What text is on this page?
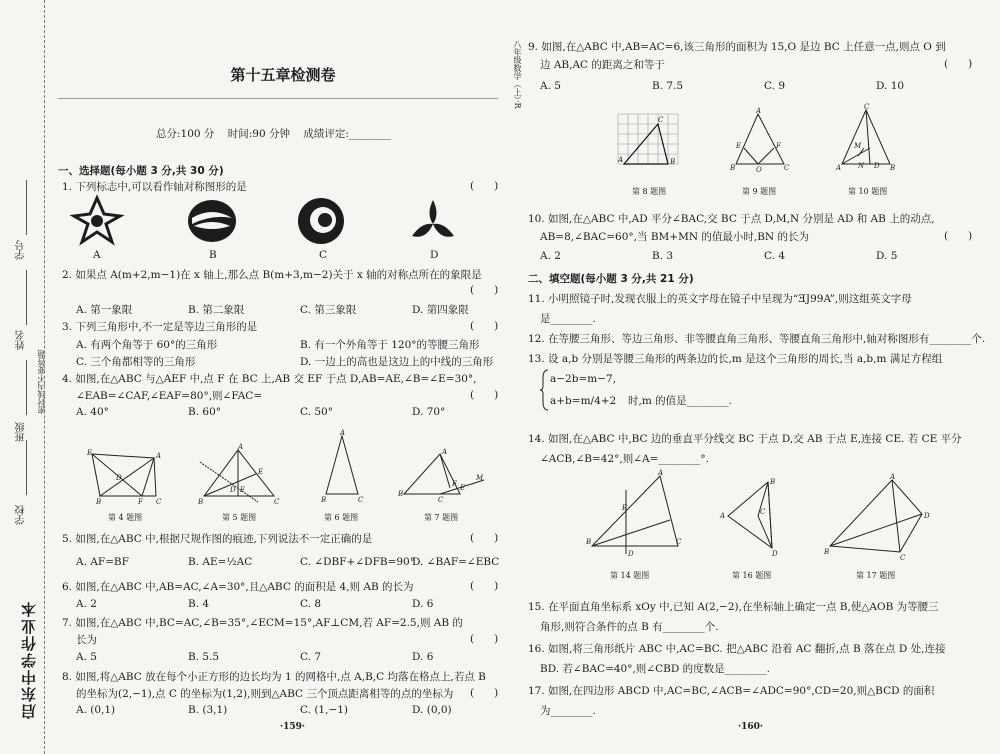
学校
班级
姓名
学号
密封线内不要答题
启东中学作业本
第十五章检测卷
总分:100 分    时间:90 分钟    成绩评定:________
一、选择题(每小题 3 分,共 30 分)
1. 下列标志中,可以看作轴对称图形的是	(      )
A	B	C	D
2. 如果点 A(m+2,m−1)在 x 轴上,那么点 B(m+3,m−2)关于 x 轴的对称点所在的象限是
(      )
A. 第一象限	B. 第二象限	C. 第三象限	D. 第四象限
3. 下列三角形中,不一定是等边三角形的是	(      )
A. 有两个角等于 60°的三角形	B. 有一个外角等于 120°的等腰三角形
C. 三个角都相等的三角形	D. 一边上的高也是这边上的中线的三角形
4. 如图,在△ABC 与△AEF 中,点 F 在 BC 上,AB 交 EF 于点 D,AB=AE,∠B=∠E=30°,
∠EAB=∠CAF,∠EAF=80°,则∠FAC=	(      )
A. 40°	B. 60°	C. 50°	D. 70°
E	A
B	F C
D
B	C
A
E
D F
A
B	C
B
C
A
M
E
F
第 4 题图	第 5 题图	第 6 题图	第 7 题图
5. 如图,在△ABC 中,根据尺规作图的痕迹,下列说法不一定正确的是	(      )
A. AF=BF	B. AE=½AC	C. ∠DBF+∠DFB=90°
D. ∠BAF=∠EBC
6. 如图,在△ABC 中,AB=AC,∠A=30°,且△ABC 的面积是 4,则 AB 的长为	(      )
A. 2	B. 4	C. 8	D. 6
7. 如图,在△ABC 中,BC=AC,∠B=35°,∠ECM=15°,AF⊥CM,若 AF=2.5,则 AB 的
长为	(      )
A. 5	B. 5.5	C. 7	D. 6
8. 如图,将△ABC 放在每个小正方形的边长均为 1 的网格中,点 A,B,C 均落在格点上,若点 B
的坐标为(2,−1),点 C 的坐标为(1,2),则到△ABC 三个顶点距离相等的点的坐标为 (      )
A. (0,1)	B. (3,1)	C. (1,−1)	D. (0,0)
·159·
9. 如图,在△ABC 中,AB=AC=6,该三角形的面积为 15,O 是边 BC 上任意一点,则点 O 到
边 AB,AC 的距离之和等于	(      )
A. 5	B. 7.5	C. 9	D. 10
A
C
B
A
B	C
O
E	F
C
A	B
M
N D
第 8 题图	第 9 题图	第 10 题图
10. 如图,在△ABC 中,AD 平分∠BAC,交 BC 于点 D,M,N 分别是 AD 和 AB 上的动点,
AB=8,∠BAC=60°,当 BM+MN 的值最小时,BN 的长为	(      )
A. 2	B. 3	C. 4	D. 5
二、填空题(每小题 3 分,共 21 分)
11. 小明照镜子时,发现衣服上的英文字母在镜子中呈现为“ƎJ99A”,则这组英文字母
是________.
12. 在等腰三角形、等边三角形、非等腰直角三角形、等腰直角三角形中,轴对称图形有________个.
13. 设 a,b 分别是等腰三角形的两条边的长,m 是这个三角形的周长,当 a,b,m 满足方程组
a−2b=m−7,
a+b=m/4+2 时,m 的值是________.
14. 如图,在△ABC 中,BC 边的垂直平分线交 BC 于点 D,交 AB 于点 E,连接 CE. 若 CE 平分
∠ACB,∠B=42°,则∠A=________°.
A
B	C
E
D
A
B
C
D
A
B
C
D
第 14 题图	第 16 题图	第 17 题图
15. 在平面直角坐标系 xOy 中,已知 A(2,−2),在坐标轴上确定一点 B,使△AOB 为等腰三
角形,则符合条件的点 B 有________个.
16. 如图,将三角形纸片 ABC 中,AC=BC. 把△ABC 沿着 AC 翻折,点 B 落在点 D 处,连接
BD. 若∠BAC=40°,则∠CBD 的度数是________.
17. 如图,在四边形 ABCD 中,AC=BC,∠ACB=∠ADC=90°,CD=20,则△BCD 的面积
为________.
·160·
八年级数学（上）·R
